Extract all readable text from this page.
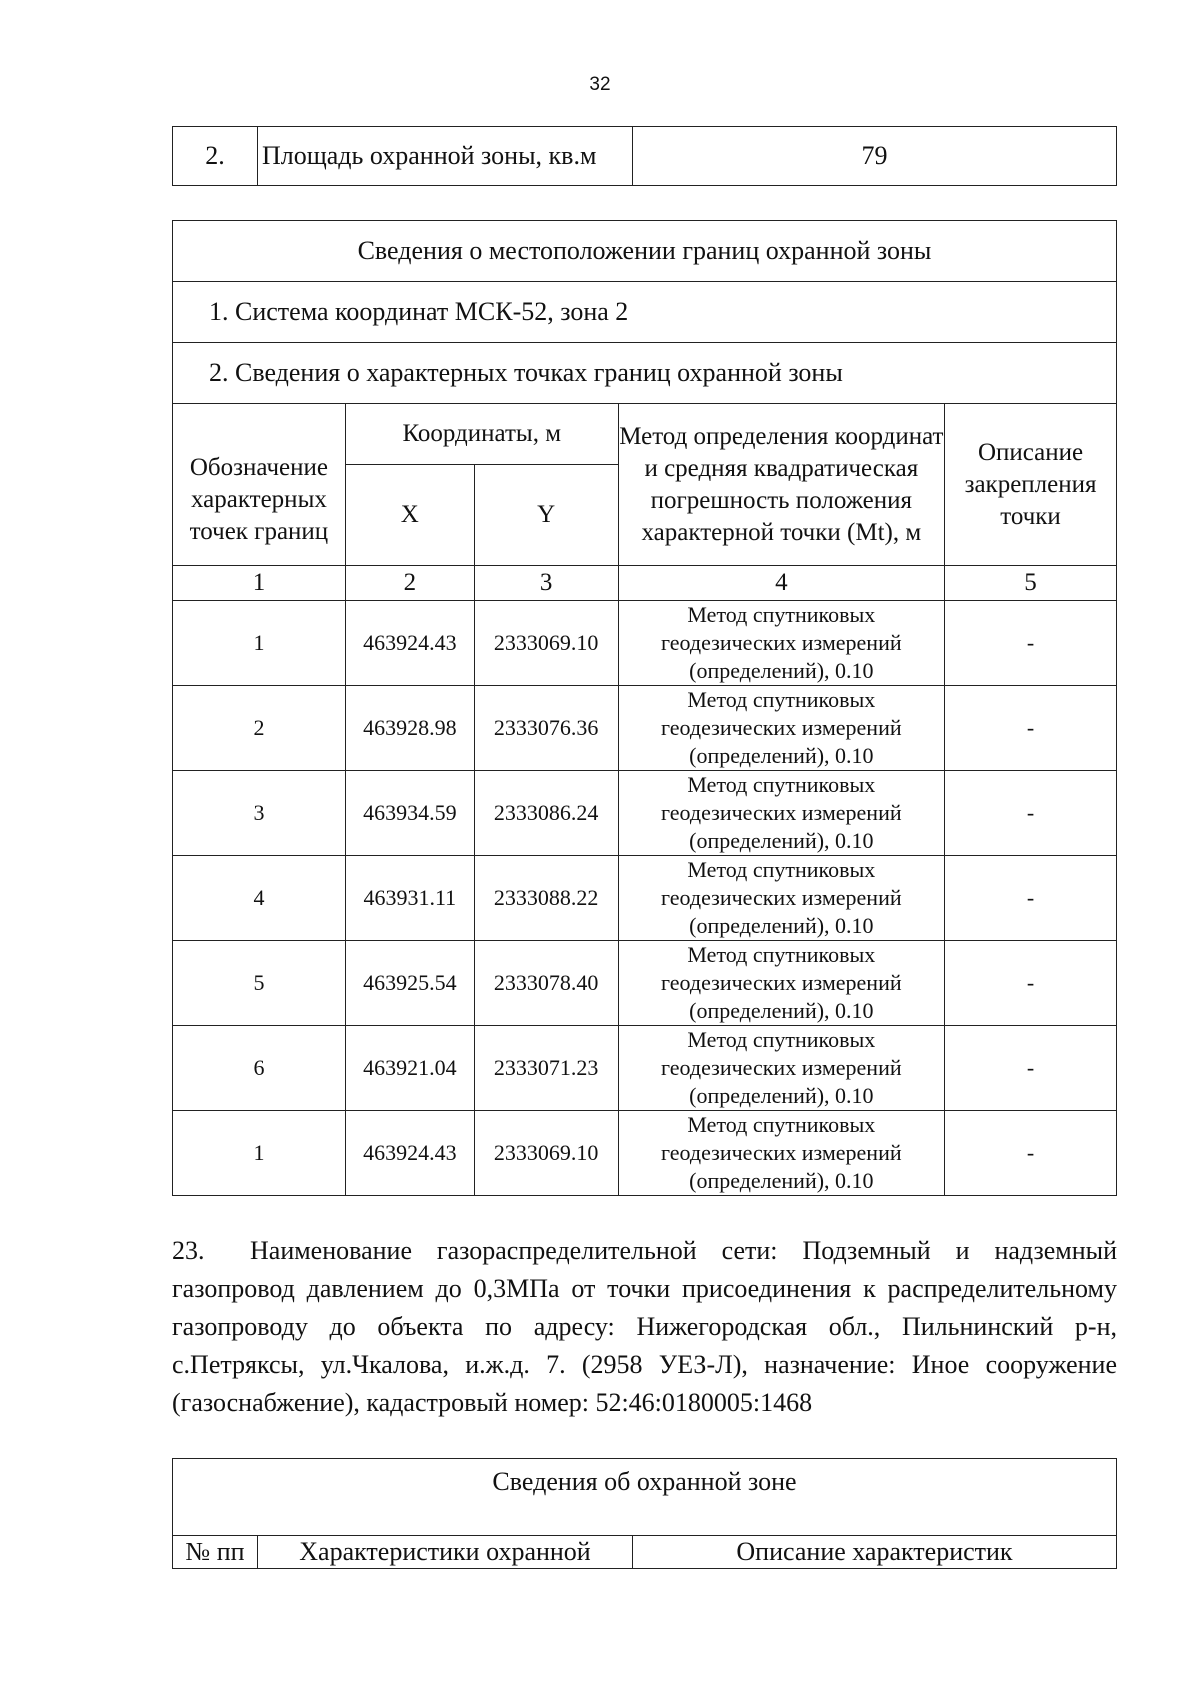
32
2.	Площадь охранной зоны, кв.м	79
Сведения о местоположении границ охранной зоны				
1. Система координат МСК-52, зона 2				
2. Сведения о характерных точках границ охранной зоны				
Обозначение характерных точек границ	Координаты, м		Метод определения координат и средняя квадратическая погрешность положения характерной точки (Mt), м	Описание закрепления точки
	X	Y		
1	2	3	4	5
1	463924.43	2333069.10	Метод спутниковых геодезических измерений (определений), 0.10	-
2	463928.98	2333076.36	Метод спутниковых геодезических измерений (определений), 0.10	-
3	463934.59	2333086.24	Метод спутниковых геодезических измерений (определений), 0.10	-
4	463931.11	2333088.22	Метод спутниковых геодезических измерений (определений), 0.10	-
5	463925.54	2333078.40	Метод спутниковых геодезических измерений (определений), 0.10	-
6	463921.04	2333071.23	Метод спутниковых геодезических измерений (определений), 0.10	-
1	463924.43	2333069.10	Метод спутниковых геодезических измерений (определений), 0.10	-
23. Наименование газораспределительной сети: Подземный и надземный газопровод давлением до 0,3МПа от точки присоединения к распределительному газопроводу до объекта по адресу: Нижегородская обл., Пильнинский р-н, с.Петряксы, ул.Чкалова, и.ж.д. 7. (2958 УЕЗ-Л), назначение: Иное сооружение (газоснабжение), кадастровый номер: 52:46:0180005:1468
Сведения об охранной зоне
№ пп	Характеристики охранной	Описание характеристик
